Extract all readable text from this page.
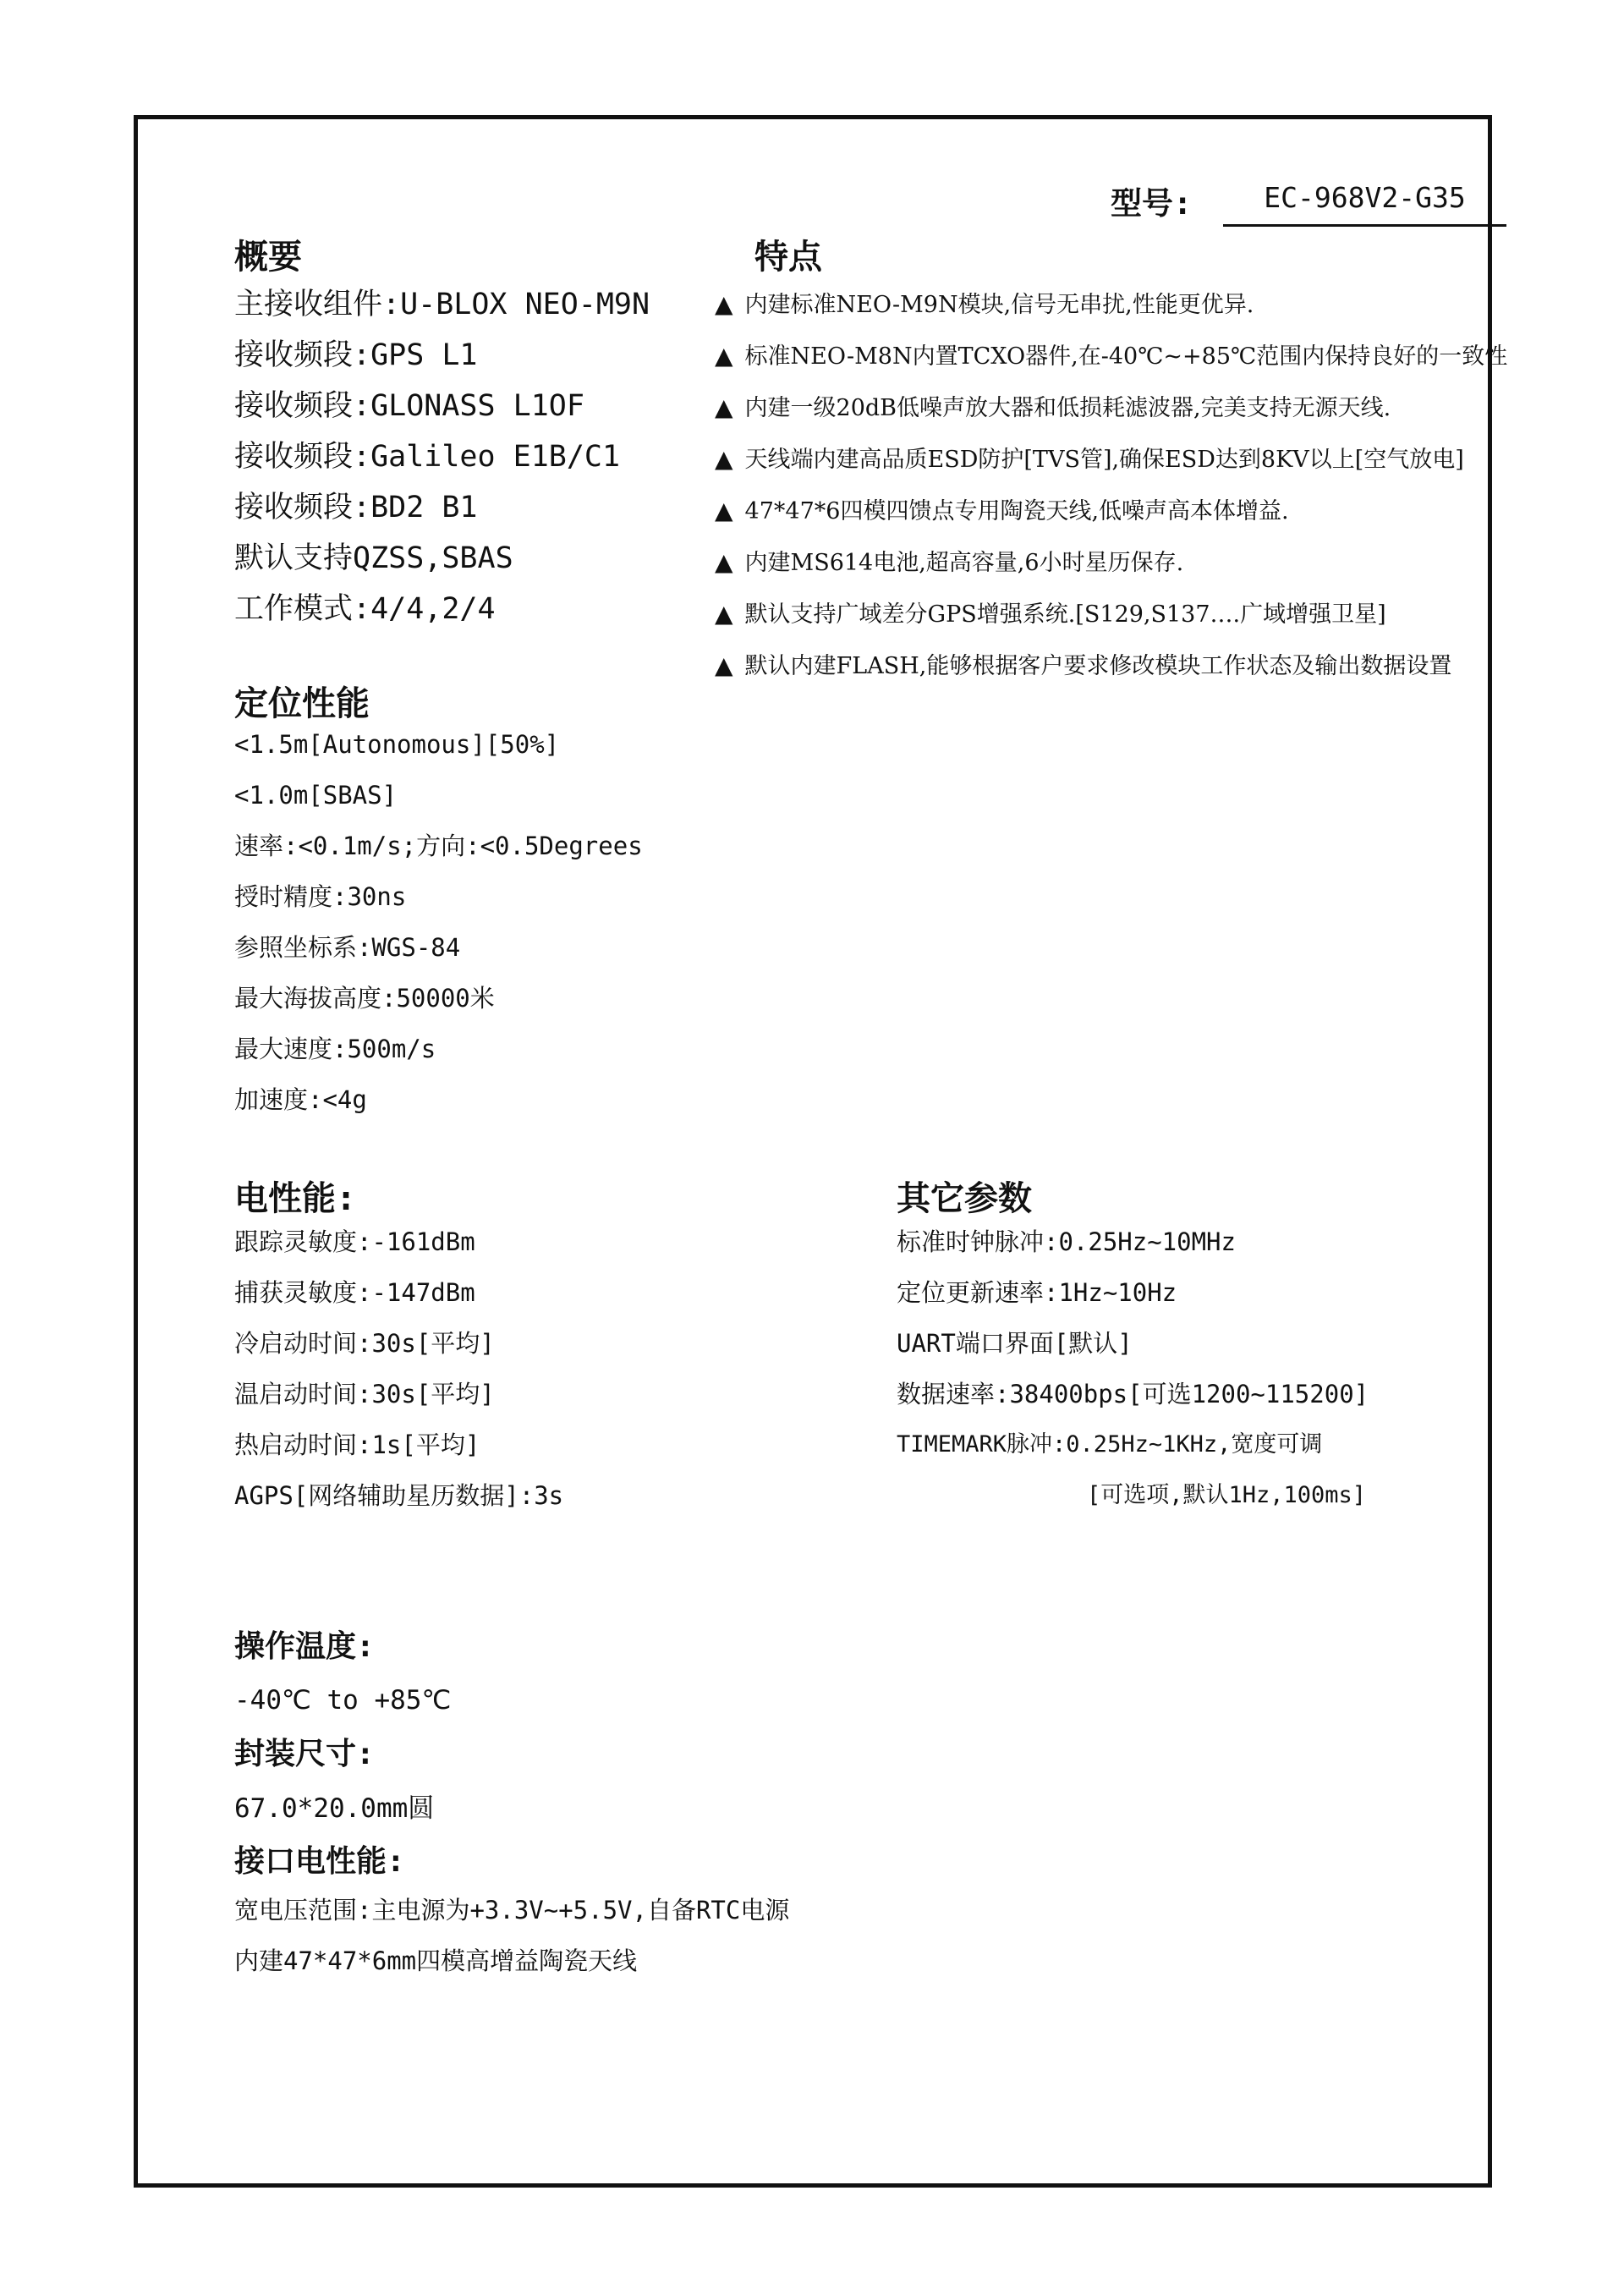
型号:	EC-968V2-G35
概要
主接收组件:U-BLOX NEO-M9N
接收频段:GPS L1
接收频段:GLONASS L1OF
接收频段:Galileo E1B/C1
接收频段:BD2 B1
默认支持QZSS,SBAS
工作模式:4/4,2/4
特点
▲ 内建标准NEO-M9N模块,信号无串扰,性能更优异.
▲ 标准NEO-M8N内置TCXO器件,在-40℃~+85℃范围内保持良好的一致性
▲ 内建一级20dB低噪声放大器和低损耗滤波器,完美支持无源天线.
▲ 天线端内建高品质ESD防护[TVS管],确保ESD达到8KV以上[空气放电]
▲ 47*47*6四模四馈点专用陶瓷天线,低噪声高本体增益.
▲ 内建MS614电池,超高容量,6小时星历保存.
▲ 默认支持广域差分GPS增强系统.[S129,S137….广域增强卫星]
▲ 默认内建FLASH,能够根据客户要求修改模块工作状态及输出数据设置
定位性能
<1.5m[Autonomous][50%]
<1.0m[SBAS]
速率:<0.1m/s;方向:<0.5Degrees
授时精度:30ns
参照坐标系:WGS-84
最大海拔高度:50000米
最大速度:500m/s
加速度:<4g
电性能:
跟踪灵敏度:-161dBm
捕获灵敏度:-147dBm
冷启动时间:30s[平均]
温启动时间:30s[平均]
热启动时间:1s[平均]
AGPS[网络辅助星历数据]:3s
其它参数
标准时钟脉冲:0.25Hz~10MHz
定位更新速率:1Hz~10Hz
UART端口界面[默认]
数据速率:38400bps[可选1200~115200]
TIMEMARK脉冲:0.25Hz~1KHz,宽度可调
[可选项,默认1Hz,100ms]
操作温度:
-40℃ to +85℃
封装尺寸:
67.0*20.0mm圆
接口电性能:
宽电压范围:主电源为+3.3V~+5.5V,自备RTC电源
内建47*47*6mm四模高增益陶瓷天线
